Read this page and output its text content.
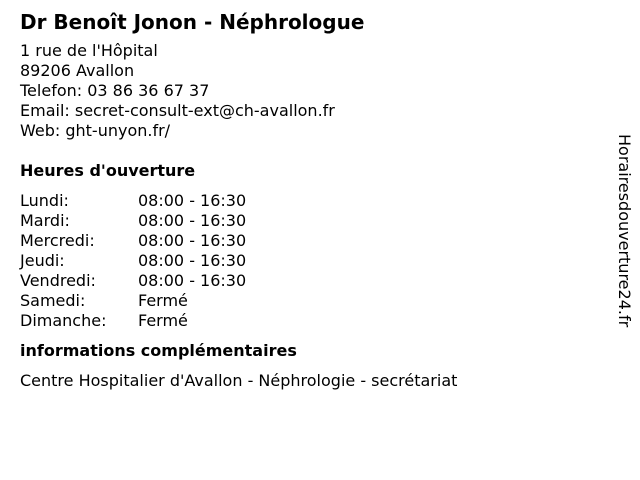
Dr Benoît Jonon - Néphrologue
1 rue de l'Hôpital
89206 Avallon
Telefon: 03 86 36 67 37
Email: secret-consult-ext@ch-avallon.fr
Web: ght-unyon.fr/
Heures d'ouverture
Lundi:	08:00 - 16:30
Mardi:	08:00 - 16:30
Mercredi:	08:00 - 16:30
Jeudi:	08:00 - 16:30
Vendredi:	08:00 - 16:30
Samedi:	Fermé
Dimanche:	Fermé
informations complémentaires
Centre Hospitalier d'Avallon - Néphrologie - secrétariat
Horairesdouverture24.fr
